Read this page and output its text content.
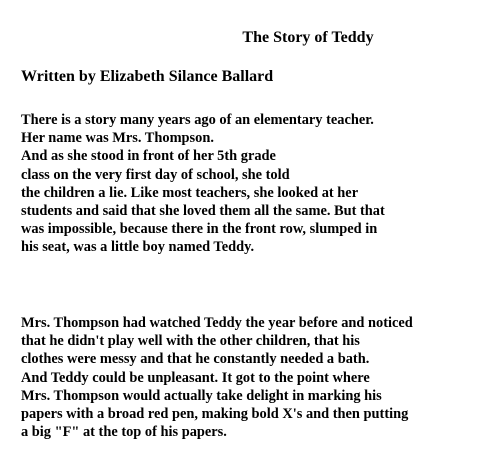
The Story of Teddy
Written by Elizabeth Silance Ballard
There is a story many years ago of an elementary teacher.
Her name was Mrs. Thompson.
And as she stood in front of her 5th grade
class on the very first day of school, she told
the children a lie. Like most teachers, she looked at her
students and said that she loved them all the same. But that
was impossible, because there in the front row, slumped in
his seat, was a little boy named Teddy.
Mrs. Thompson had watched Teddy the year before and noticed
that he didn't play well with the other children, that his
clothes were messy and that he constantly needed a bath.
And Teddy could be unpleasant. It got to the point where
Mrs. Thompson would actually take delight in marking his
papers with a broad red pen, making bold X's and then putting
a big "F" at the top of his papers.
